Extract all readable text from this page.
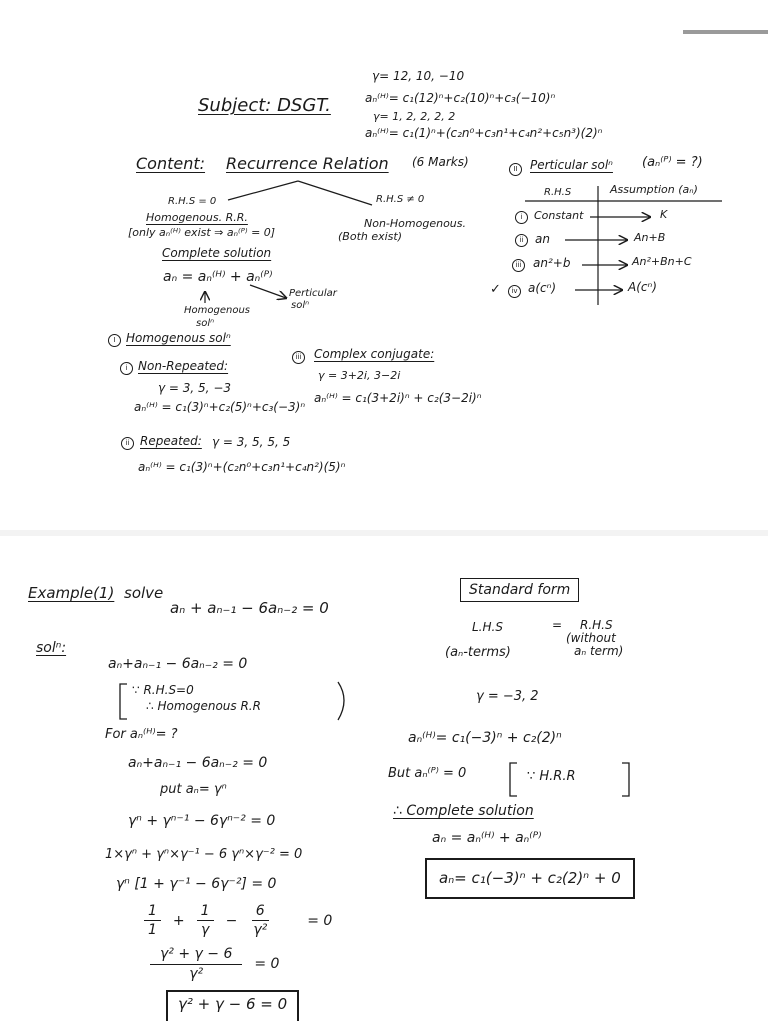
γ= 12, 10, −10
Subject: DSGT.	aₙ⁽ᴴ⁾= c₁(12)ⁿ+c₂(10)ⁿ+c₃(−10)ⁿ
γ= 1, 2, 2, 2, 2
aₙ⁽ᴴ⁾= c₁(1)ⁿ+(c₂n⁰+c₃n¹+c₄n²+c₅n³)(2)ⁿ
Content: Recurrence Relation (6 Marks)
R.H.S = 0	R.H.S ≠ 0
Homogenous. R.R.
[only aₙ⁽ᴴ⁾ exist ⇒ aₙ⁽ᴾ⁾ = 0]
Non-Homogenous.
(Both exist)
Complete solution
aₙ = aₙ⁽ᴴ⁾ + aₙ⁽ᴾ⁾
Homogenous
solⁿ
Perticular
solⁿ
I Homogenous solⁿ
i Non-Repeated:
γ = 3, 5, −3
aₙ⁽ᴴ⁾ = c₁(3)ⁿ+c₂(5)ⁿ+c₃(−3)ⁿ
ii Repeated: γ = 3, 5, 5, 5
aₙ⁽ᴴ⁾ = c₁(3)ⁿ+(c₂n⁰+c₃n¹+c₄n²)(5)ⁿ
iii Complex conjugate:
γ = 3+2i, 3−2i
aₙ⁽ᴴ⁾ = c₁(3+2i)ⁿ + c₂(3−2i)ⁿ
II	Perticular solⁿ (aₙ⁽ᴾ⁾ = ?)
R.H.S	Assumption (aₙ)
i	Constant	K
ii an	An+B
iii an²+b	An²+Bn+C
✓	iv a(cⁿ)	A(cⁿ)
Example(1) solve
aₙ + aₙ₋₁ − 6aₙ₋₂ = 0
Standard form
L.H.S	= R.H.S
(aₙ-terms)
(without
aₙ term)
solⁿ:
aₙ+aₙ₋₁ − 6aₙ₋₂ = 0
∵ R.H.S=0
∴ Homogenous R.R
γ = −3, 2
For aₙ⁽ᴴ⁾= ?	aₙ⁽ᴴ⁾= c₁(−3)ⁿ + c₂(2)ⁿ
aₙ+aₙ₋₁ − 6aₙ₋₂ = 0
But aₙ⁽ᴾ⁾ = 0	∵ H.R.R
put aₙ= γⁿ
∴ Complete solution
γⁿ + γⁿ⁻¹ − 6γⁿ⁻² = 0
aₙ = aₙ⁽ᴴ⁾ + aₙ⁽ᴾ⁾
1×γⁿ + γⁿ×γ⁻¹ − 6 γⁿ×γ⁻² = 0
aₙ= c₁(−3)ⁿ + c₂(2)ⁿ + 0
γⁿ [1 + γ⁻¹ − 6γ⁻²] = 0
$\frac{1}{1} + \frac{1}{\gamma} - \frac{6}{\text{γ²}}$	= 0
$\frac{\text{γ² + γ − 6}}{\text{γ²}} = 0$
γ² + γ − 6 = 0
